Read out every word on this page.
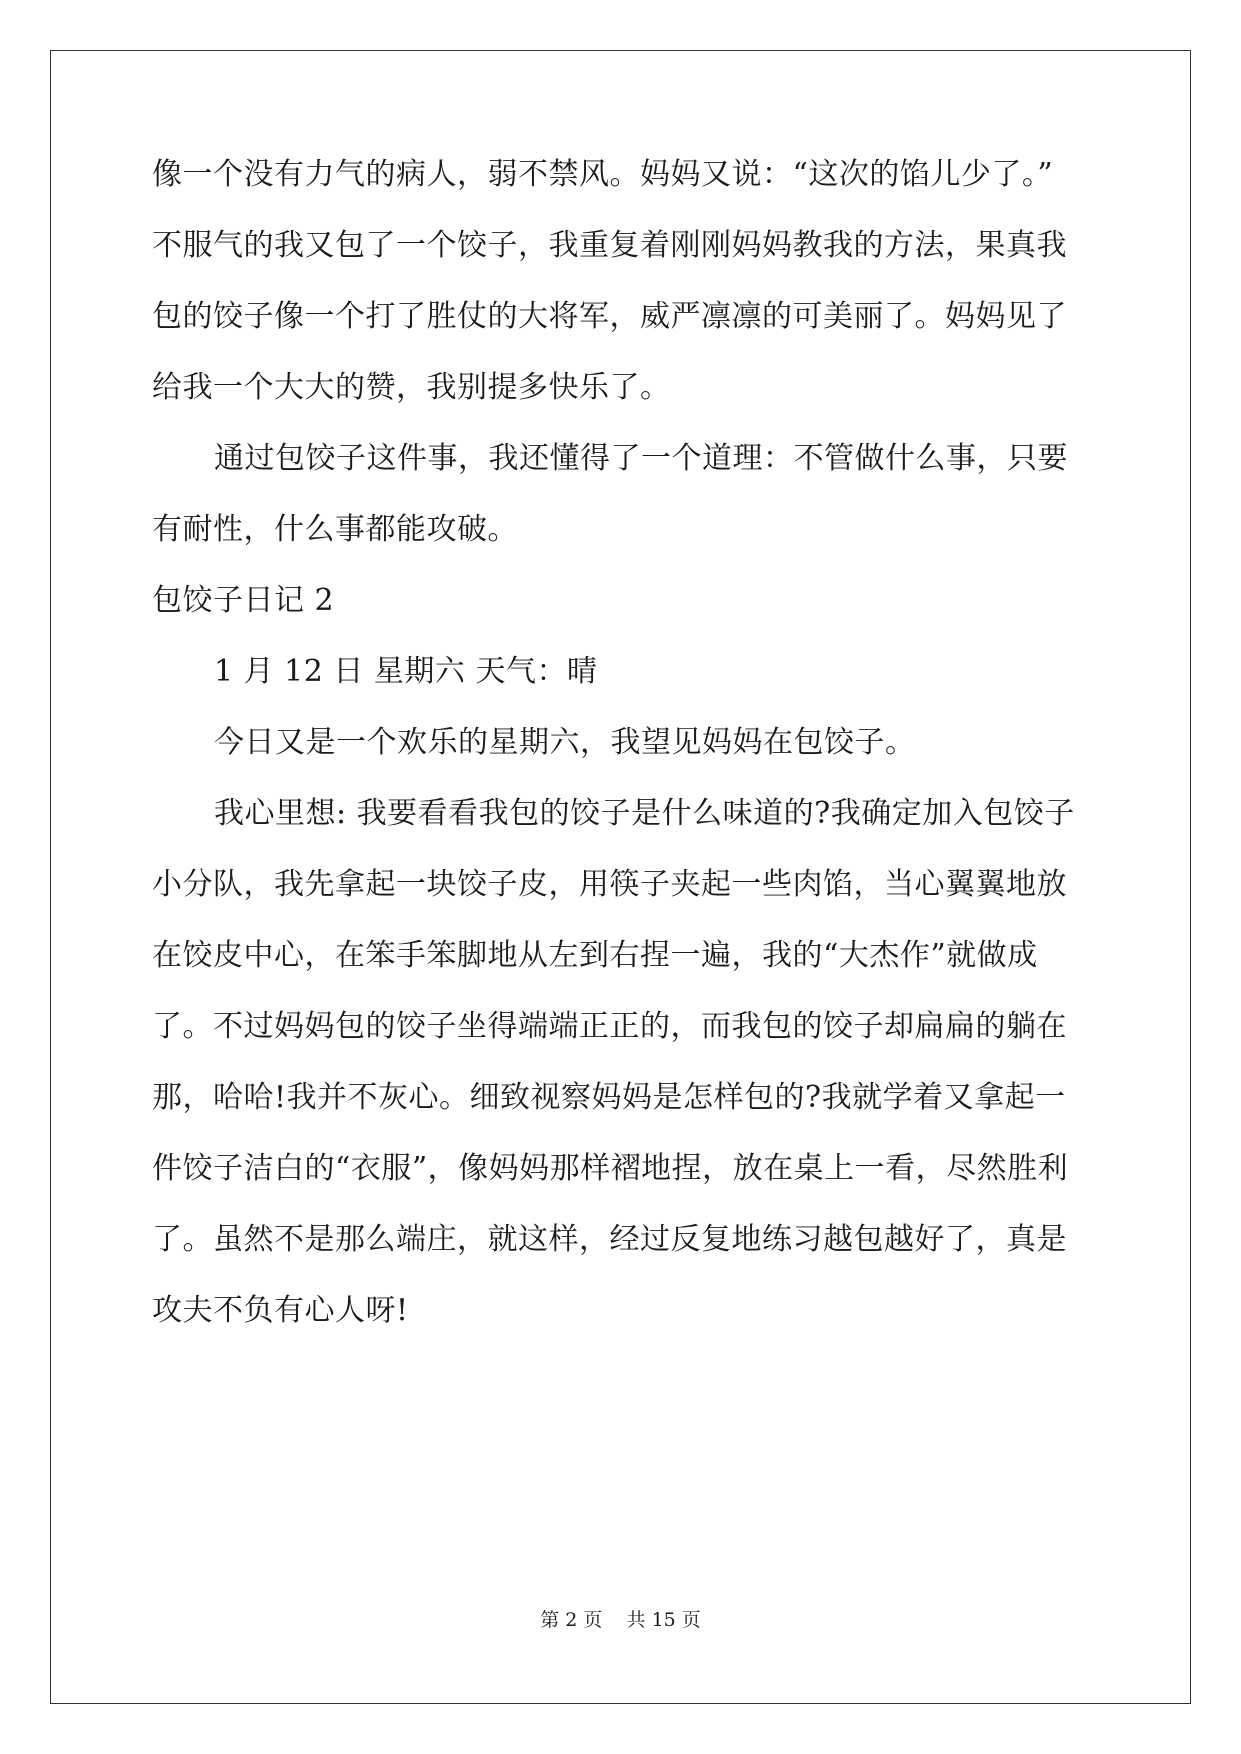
像一个没有力气的病人，弱不禁风。妈妈又说：“这次的馅儿少了。”
不服气的我又包了一个饺子，我重复着刚刚妈妈教我的方法，果真我
包的饺子像一个打了胜仗的大将军，威严凛凛的可美丽了。妈妈见了
给我一个大大的赞，我别提多快乐了。
通过包饺子这件事，我还懂得了一个道理：不管做什么事，只要
有耐性，什么事都能攻破。
包饺子日记 2
1 月 12 日 星期六 天气：晴
今日又是一个欢乐的星期六，我望见妈妈在包饺子。
我心里想: 我要看看我包的饺子是什么味道的?我确定加入包饺子
小分队，我先拿起一块饺子皮，用筷子夹起一些肉馅，当心翼翼地放
在饺皮中心，在笨手笨脚地从左到右捏一遍，我的“大杰作”就做成
了。不过妈妈包的饺子坐得端端正正的，而我包的饺子却扁扁的躺在
那，哈哈!我并不灰心。细致视察妈妈是怎样包的?我就学着又拿起一
件饺子洁白的“衣服”，像妈妈那样褶地捏，放在桌上一看，尽然胜利
了。虽然不是那么端庄，就这样，经过反复地练习越包越好了，真是
攻夫不负有心人呀!
第 2 页    共 15 页
